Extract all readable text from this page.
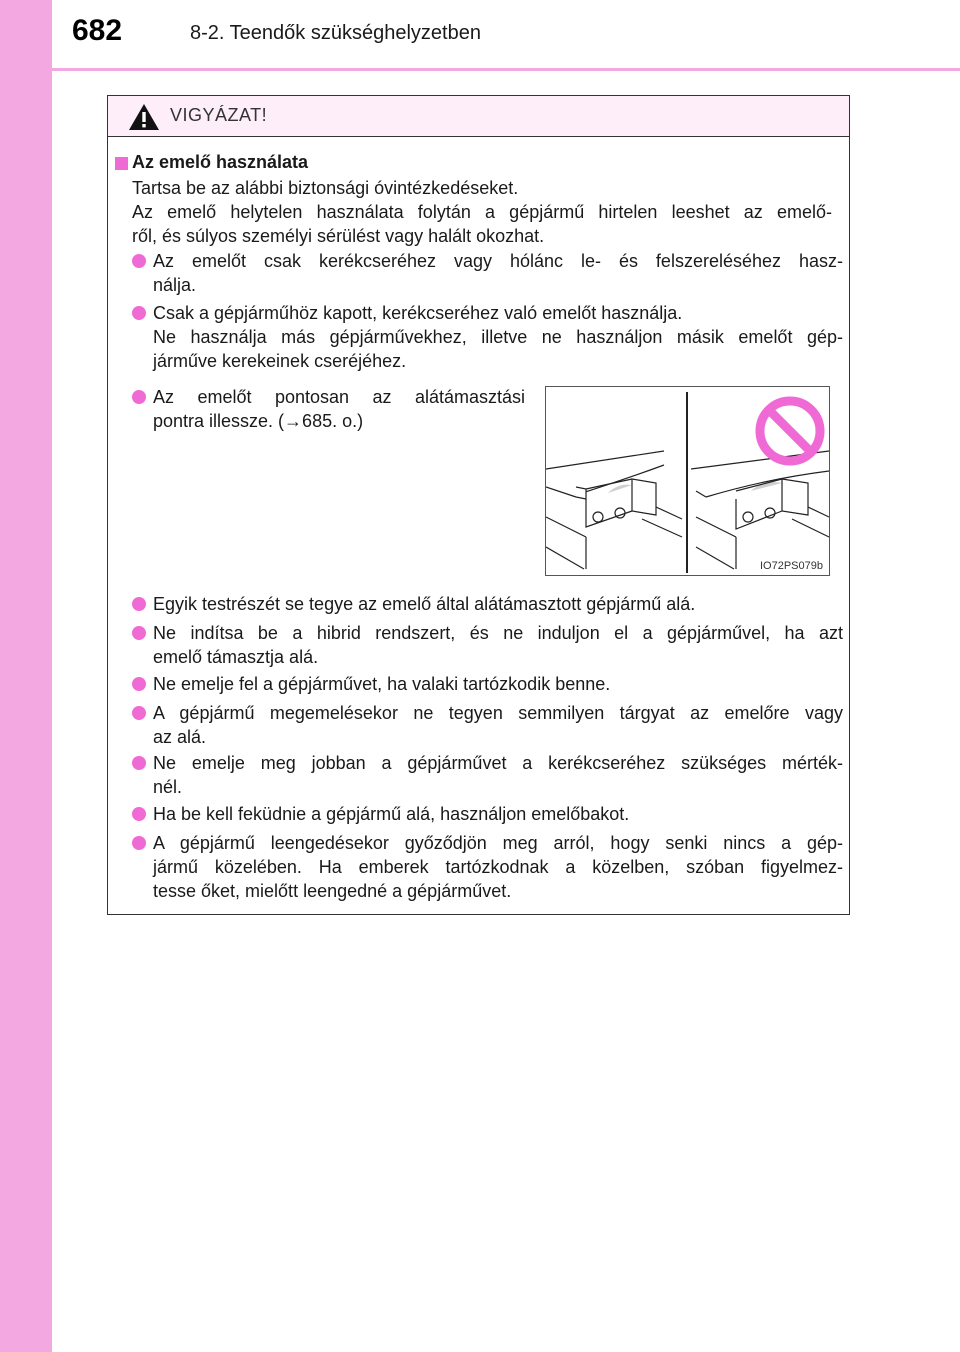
682	8-2. Teendők szükséghelyzetben
VIGYÁZAT!
Az emelő használata
Tartsa be az alábbi biztonsági óvintézkedéseket.
Az emelő helytelen használata folytán a gépjármű hirtelen leeshet az emelő-
ről, és súlyos személyi sérülést vagy halált okozhat.
Az emelőt csak kerékcseréhez vagy hólánc le- és felszereléséhez hasz-
nálja.
Csak a gépjárműhöz kapott, kerékcseréhez való emelőt használja.
Ne használja más gépjárművekhez, illetve ne használjon másik emelőt gép-
járműve kerekeinek cseréjéhez.
Az emelőt pontosan az alátámasztási
pontra illessze. (→685. o.)
IO72PS079b
Egyik testrészét se tegye az emelő által alátámasztott gépjármű alá.
Ne indítsa be a hibrid rendszert, és ne induljon el a gépjárművel, ha azt
emelő támasztja alá.
Ne emelje fel a gépjárművet, ha valaki tartózkodik benne.
A gépjármű megemelésekor ne tegyen semmilyen tárgyat az emelőre vagy
az alá.
Ne emelje meg jobban a gépjárművet a kerékcseréhez szükséges mérték-
nél.
Ha be kell feküdnie a gépjármű alá, használjon emelőbakot.
A gépjármű leengedésekor győződjön meg arról, hogy senki nincs a gép-
jármű közelében. Ha emberek tartózkodnak a közelben, szóban figyelmez-
tesse őket, mielőtt leengedné a gépjárművet.
